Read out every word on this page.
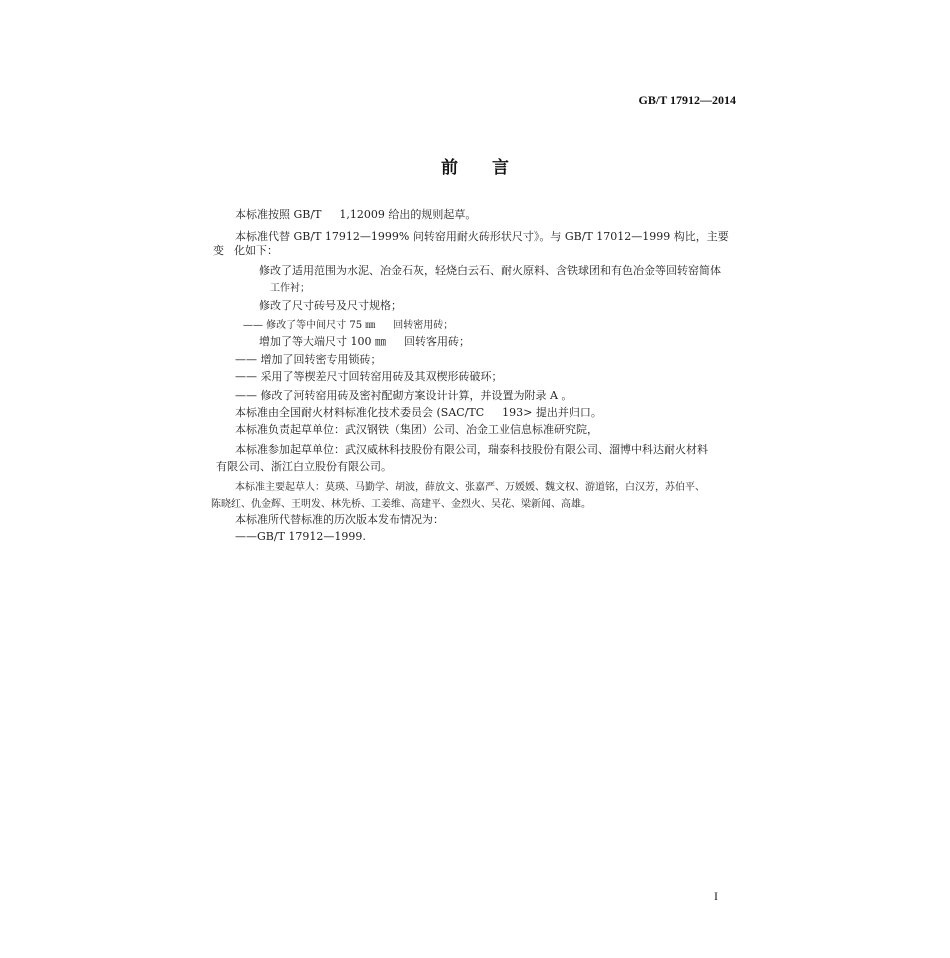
GB/T 17912—2014
前 言
本标准按照 GB/T 1,12009 给出的规则起草。
本标准代替 GB/T 17912—1999% 问转窑用耐火砖形状尺寸》。与 GB/T 17012—1999 构比，主要
变 化如下：
修改了适用范围为水泥、冶金石灰，轻烧白云石、耐火原料、含铁球团和有色冶金等回转窑简体
工作衬；
修改了尺寸砖号及尺寸规格；
—— 修改了等中间尺寸 75 ㎜ 回转密用砖；
增加了等大端尺寸 100 ㎜ 回转客用砖；
—— 增加了回转密专用锁砖；
—— 采用了等楔差尺寸回转窑用砖及其双楔形砖破环；
—— 修改了河转窑用砖及密衬配砌方案设计计算，并设置为附录 A 。
本标准由全国耐火材料标准化技术委员会 (SAC/TC 193> 提出并归口。
本标准负责起草单位：武汉钢铁（集团）公司、冶金工业信息标准研究院，
本标准参加起草单位：武汉威林科技股份有限公司，瑞泰科技股份有限公司、溜博中科达耐火材料
有限公司、浙江白立股份有限公司。
本标准主要起草人：莫瑛、马勤学、胡波，薛放文、张嘉严、万媛媛、魏文权、游道铭，白汉芳，苏伯平、
陈晓红、仇金辉、王明发、林先桥、工姜维、高建平、金烈火、吴花、梁新闻、高雄。
本标准所代替标准的历次版本发布情况为：
——GB/T 17912—1999.
I
